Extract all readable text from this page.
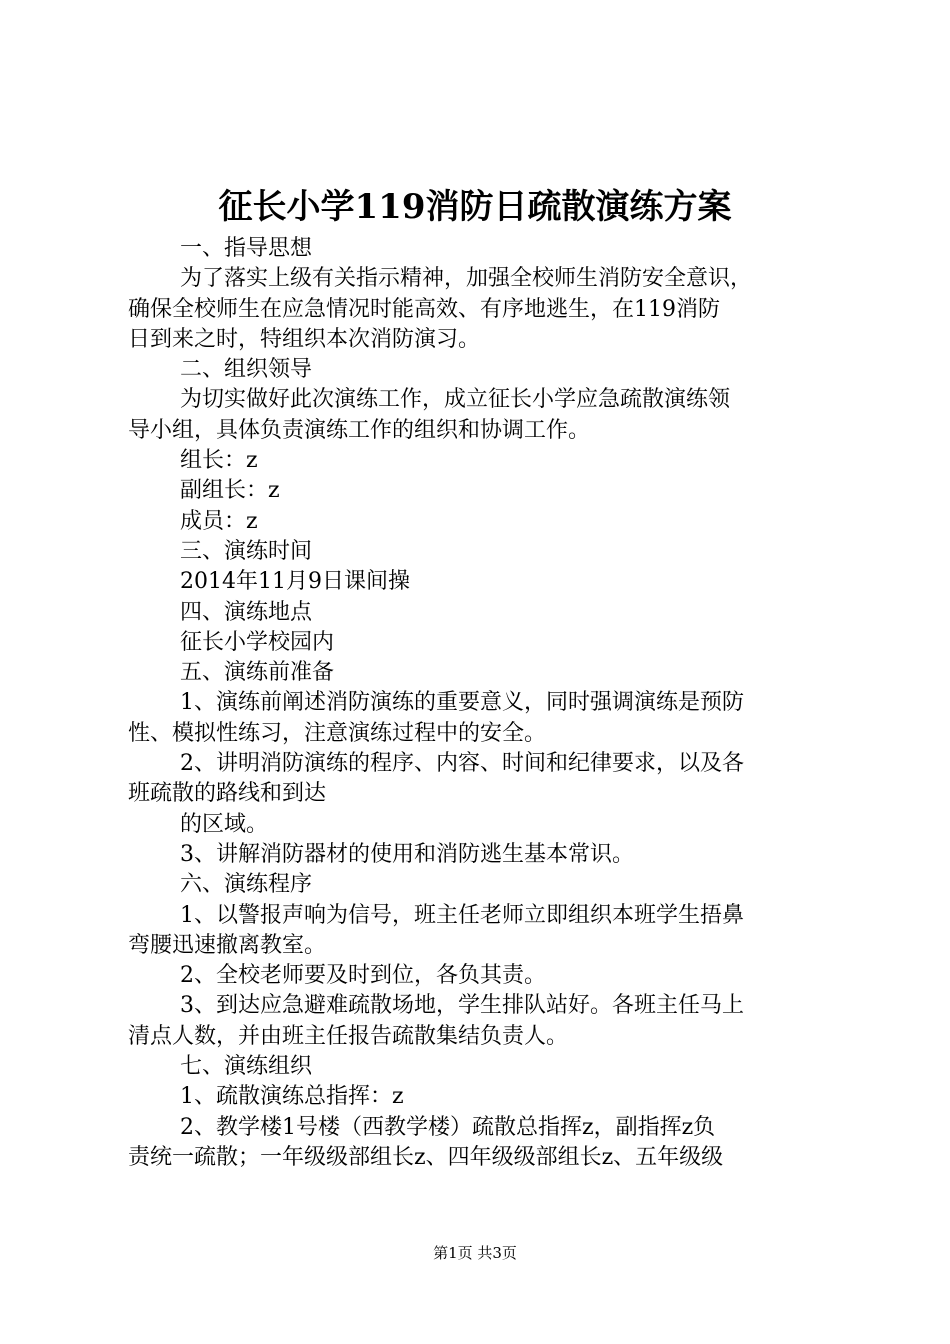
征长小学119消防日疏散演练方案
一、指导思想
为了落实上级有关指示精神，加强全校师生消防安全意识，
确保全校师生在应急情况时能高效、有序地逃生，在119消防
日到来之时，特组织本次消防演习。
二、组织领导
为切实做好此次演练工作，成立征长小学应急疏散演练领
导小组，具体负责演练工作的组织和协调工作。
组长：z
副组长：z
成员：z
三、演练时间
2014年11月9日课间操
四、演练地点
征长小学校园内
五、演练前准备
1、演练前阐述消防演练的重要意义，同时强调演练是预防
性、模拟性练习，注意演练过程中的安全。
2、讲明消防演练的程序、内容、时间和纪律要求，以及各
班疏散的路线和到达
的区域。
3、讲解消防器材的使用和消防逃生基本常识。
六、演练程序
1、以警报声响为信号，班主任老师立即组织本班学生捂鼻
弯腰迅速撤离教室。
2、全校老师要及时到位，各负其责。
3、到达应急避难疏散场地，学生排队站好。各班主任马上
清点人数，并由班主任报告疏散集结负责人。
七、演练组织
1、疏散演练总指挥：z
2、教学楼1号楼（西教学楼）疏散总指挥z，副指挥z负
责统一疏散；一年级级部组长z、四年级级部组长z、五年级级
第1页 共3页
